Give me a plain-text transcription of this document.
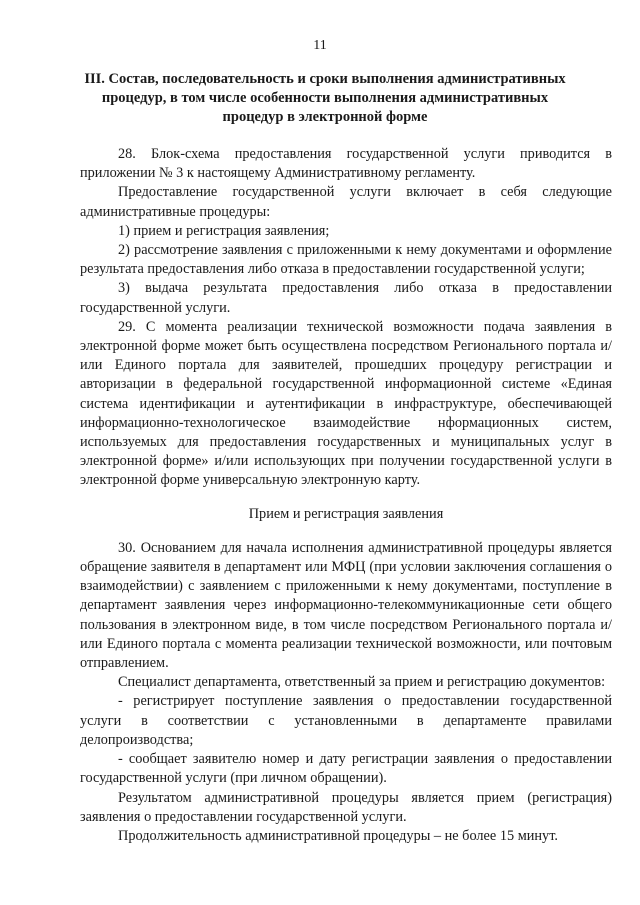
11
III. Состав, последовательность и сроки выполнения административных процедур, в том числе особенности выполнения административных процедур в электронной форме

28. Блок-схема предоставления государственной услуги приводится в приложении № 3 к настоящему Административному регламенту.

Предоставление государственной услуги включает в себя следующие административные процедуры:

1) прием и регистрация заявления;

2) рассмотрение заявления с приложенными к нему документами и оформление результата предоставления либо отказа в предоставлении государственной услуги;

3) выдача результата предоставления либо отказа в предоставлении государственной услуги.

29. С момента реализации технической возможности подача заявления в электронной форме может быть осуществлена посредством Регионального портала и/или Единого портала для заявителей, прошедших процедуру регистрации и авторизации в федеральной государственной информационной системе «Единая система идентификации и аутентификации в инфраструктуре, обеспечивающей информационно-технологическое взаимодействие нформационных систем, используемых для предоставления государственных и муниципальных услуг в электронной форме» и/или использующих при получении государственной услуги в электронной форме универсальную электронную карту.

Прием и регистрация заявления

30. Основанием для начала исполнения административной процедуры является обращение заявителя в департамент или МФЦ (при условии заключения соглашения о взаимодействии) с заявлением с приложенными к нему документами, поступление в департамент заявления через информационно-телекоммуникационные сети общего пользования в электронном виде, в том числе посредством Регионального портала и/или Единого портала с момента реализации технической возможности, или почтовым отправлением.

Специалист департамента, ответственный за прием и регистрацию документов:

- регистрирует поступление заявления о предоставлении государственной услуги в соответствии с установленными в департаменте правилами делопроизводства;

- сообщает заявителю номер и дату регистрации заявления о предоставлении государственной услуги (при личном обращении).

Результатом административной процедуры является прием (регистрация) заявления о предоставлении государственной услуги.

Продолжительность административной процедуры – не более 15 минут.
